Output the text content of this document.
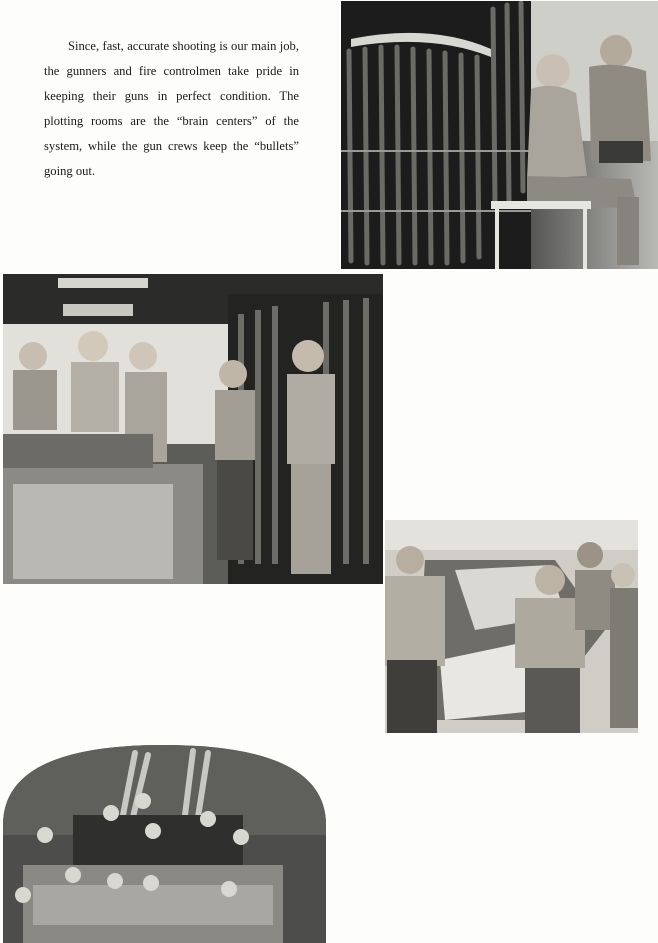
Since, fast, accurate shooting is our main job, the gunners and fire controlmen take pride in keeping their guns in perfect condition. The plotting rooms are the “brain centers” of the system, while the gun crews keep the “bullets” going out.
